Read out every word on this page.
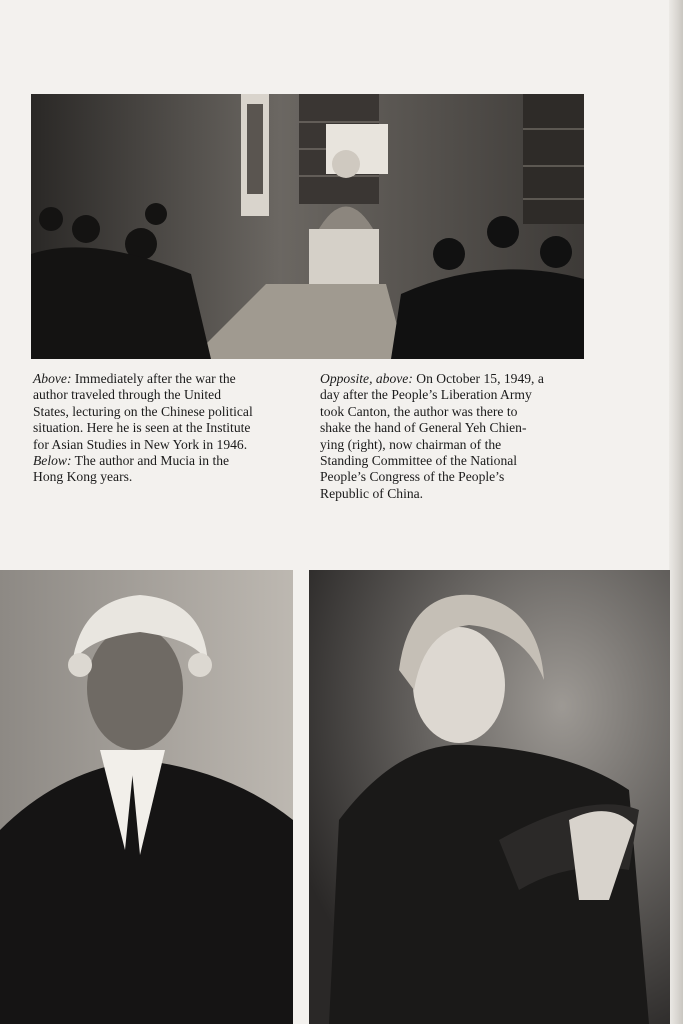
Above: Immediately after the war the
author traveled through the United
States, lecturing on the Chinese political
situation. Here he is seen at the Institute
for Asian Studies in New York in 1946.
Below: The author and Mucia in the
Hong Kong years.

Opposite, above: On October 15, 1949, a
day after the People’s Liberation Army
took Canton, the author was there to
shake the hand of General Yeh Chien-
ying (right), now chairman of the
Standing Committee of the National
People’s Congress of the People’s
Republic of China.
